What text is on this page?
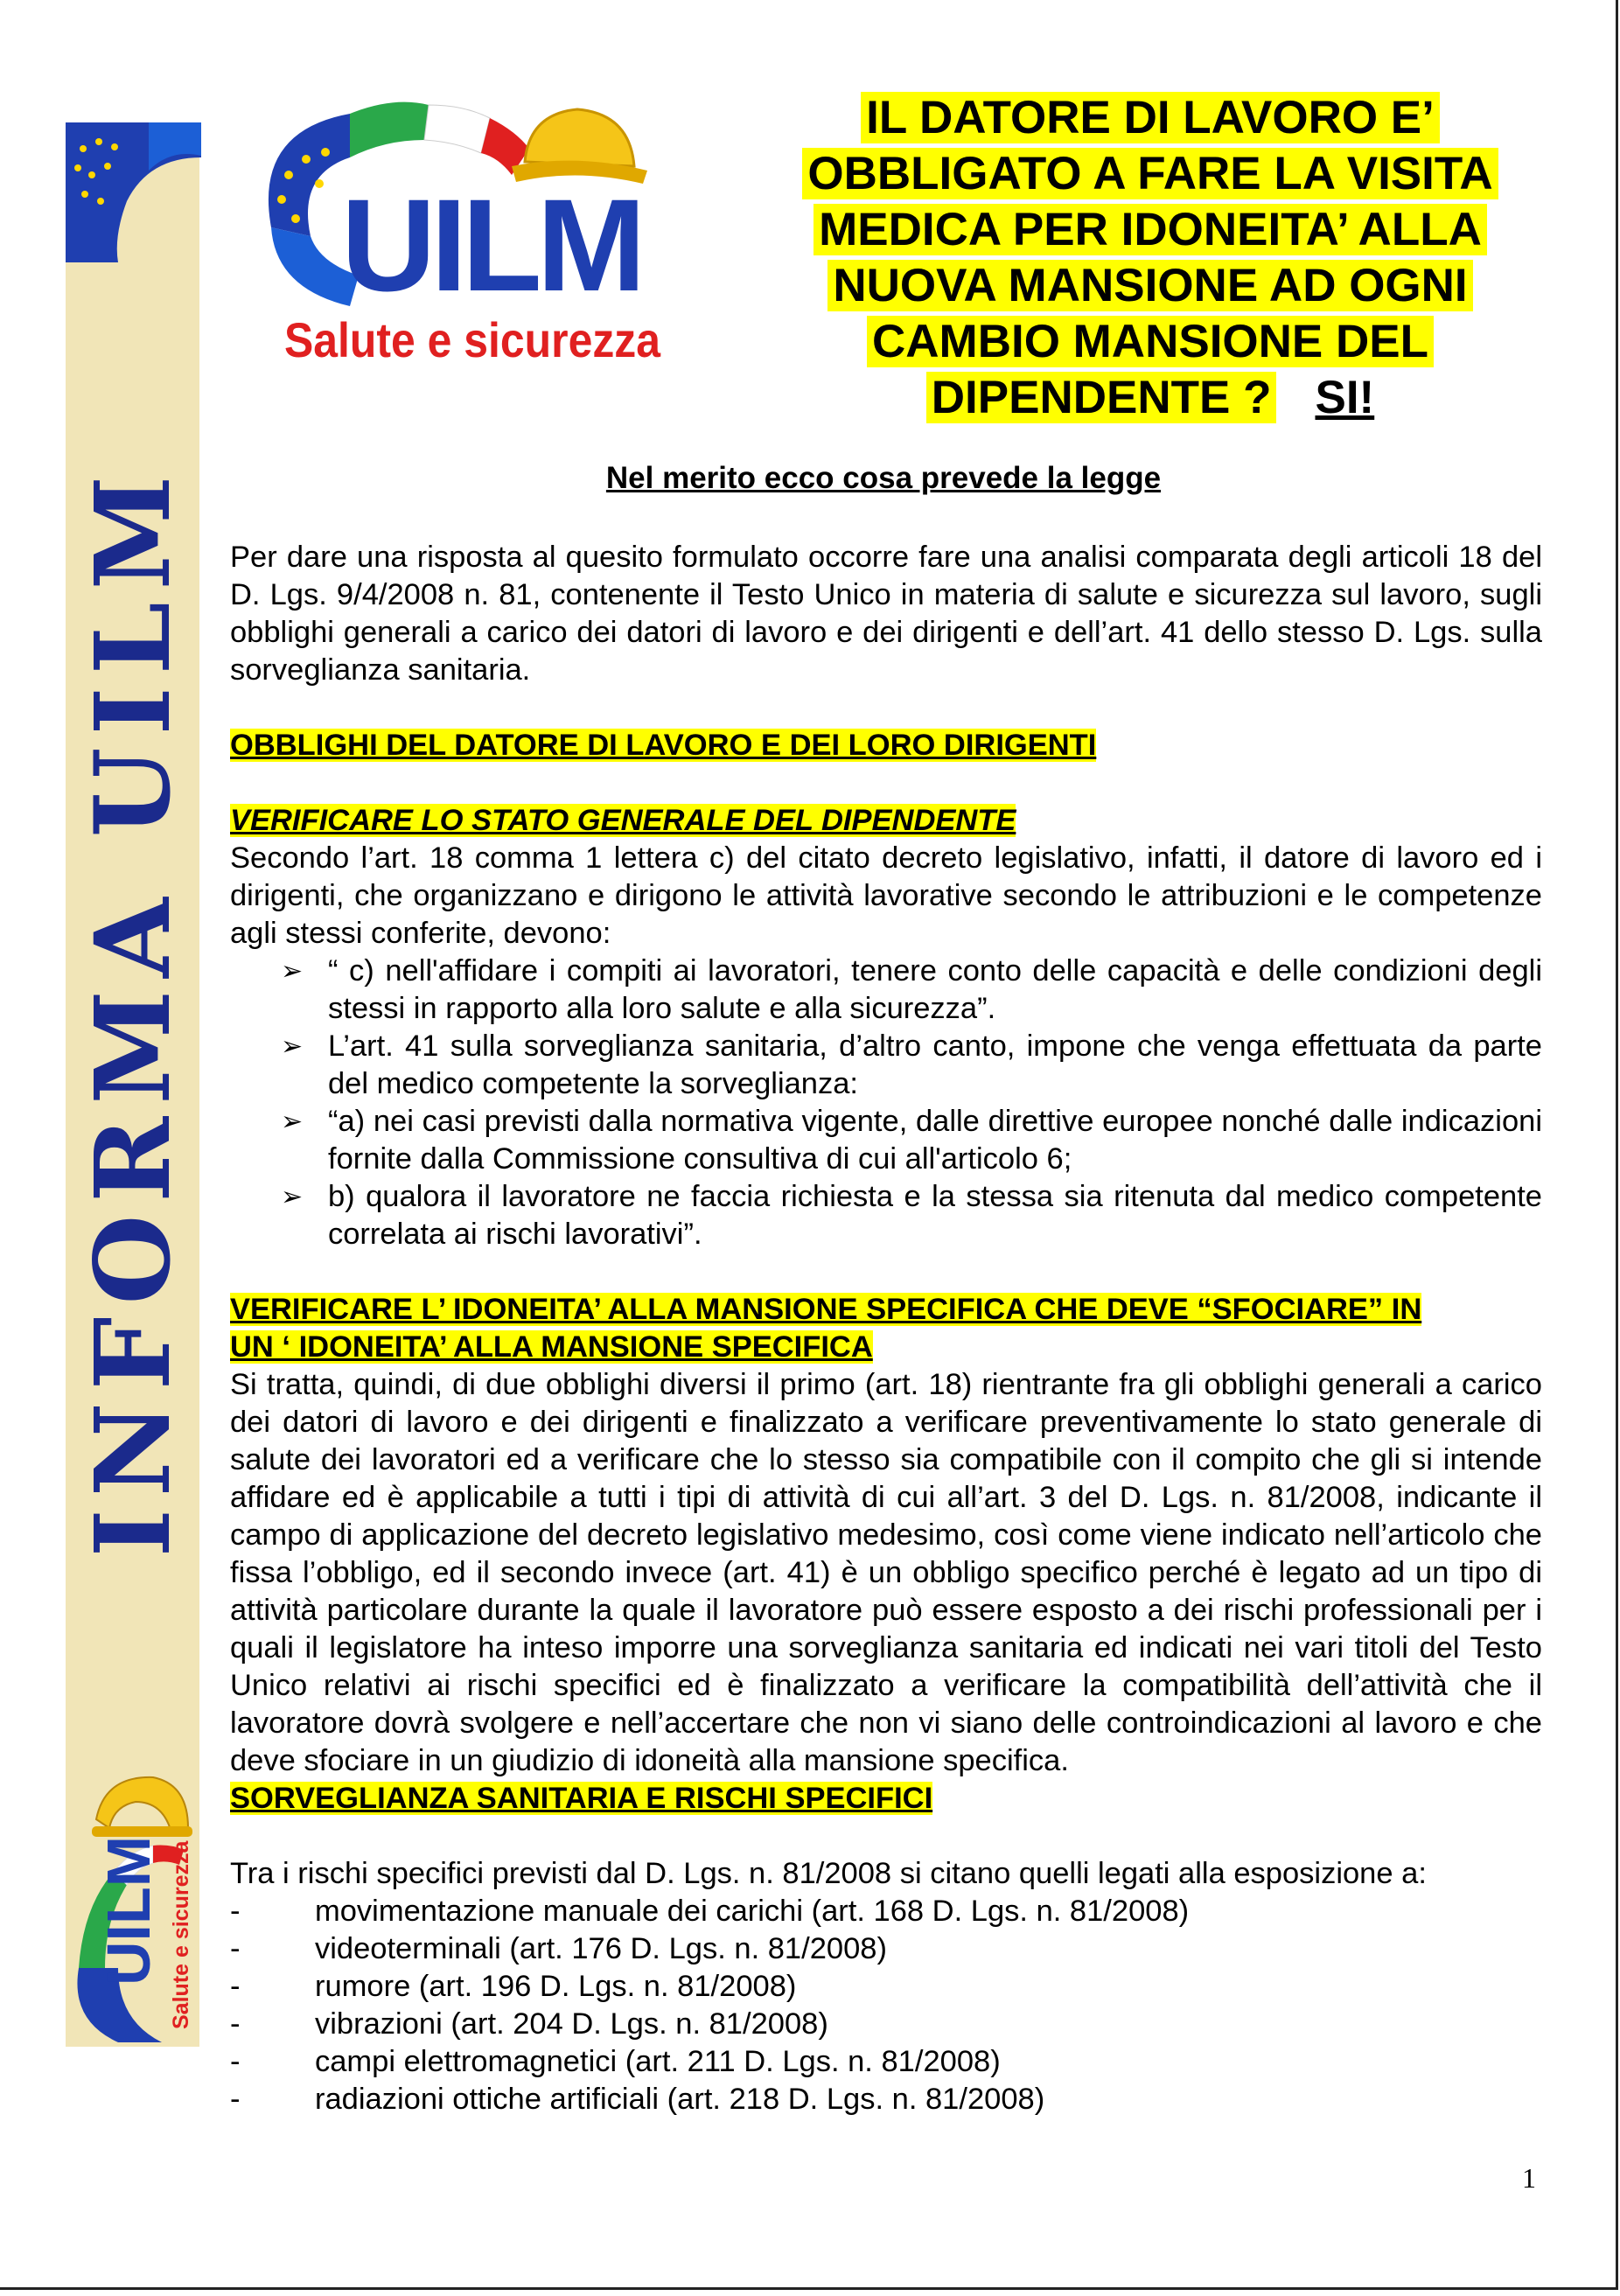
INFORMA UILM
UILM Salute e sicurezza
UILM
Salute e sicurezza
IL DATORE DI LAVORO E’
OBBLIGATO A FARE LA VISITA
MEDICA PER IDONEITA’ ALLA
NUOVA MANSIONE AD OGNI
CAMBIO MANSIONE DEL
DIPENDENTE ? SI!
Nel merito ecco cosa prevede la legge
Per dare una risposta al quesito formulato occorre fare una analisi comparata degli articoli 18 del D. Lgs. 9/4/2008 n. 81, contenente il Testo Unico in materia di salute e sicurezza sul lavoro, sugli obblighi generali a carico dei datori di lavoro e dei dirigenti e dell’art. 41 dello stesso D. Lgs. sulla sorveglianza sanitaria.
OBBLIGHI DEL DATORE DI LAVORO E DEI LORO DIRIGENTI
VERIFICARE LO STATO GENERALE DEL DIPENDENTE
Secondo l’art. 18 comma 1 lettera c) del citato decreto legislativo, infatti, il datore di lavoro ed i dirigenti, che organizzano e dirigono le attività lavorative secondo le attribuzioni e le competenze agli stessi conferite, devono:
➢ “ c) nell'affidare i compiti ai lavoratori, tenere conto delle capacità e delle condizioni degli stessi in rapporto alla loro salute e alla sicurezza”.
➢ L’art. 41 sulla sorveglianza sanitaria, d’altro canto, impone che venga effettuata da parte del medico competente la sorveglianza:
➢ “a) nei casi previsti dalla normativa vigente, dalle direttive europee nonché dalle indicazioni fornite dalla Commissione consultiva di cui all'articolo 6;
➢ b) qualora il lavoratore ne faccia richiesta e la stessa sia ritenuta dal medico competente correlata ai rischi lavorativi”.
VERIFICARE L’ IDONEITA’ ALLA MANSIONE SPECIFICA CHE DEVE “SFOCIARE” IN
UN ‘ IDONEITA’ ALLA MANSIONE SPECIFICA
Si tratta, quindi, di due obblighi diversi il primo (art. 18) rientrante fra gli obblighi generali a carico dei datori di lavoro e dei dirigenti e finalizzato a verificare preventivamente lo stato generale di salute dei lavoratori ed a verificare che lo stesso sia compatibile con il compito che gli si intende affidare ed è applicabile a tutti i tipi di attività di cui all’art. 3 del D. Lgs. n. 81/2008, indicante il campo di applicazione del decreto legislativo medesimo, così come viene indicato nell’articolo che fissa l’obbligo, ed il secondo invece (art. 41) è un obbligo specifico perché è legato ad un tipo di attività particolare durante la quale il lavoratore può essere esposto a dei rischi professionali per i quali il legislatore ha inteso imporre una sorveglianza sanitaria ed indicati nei vari titoli del Testo Unico relativi ai rischi specifici ed è finalizzato a verificare la compatibilità dell’attività che il lavoratore dovrà svolgere e nell’accertare che non vi siano delle controindicazioni al lavoro e che deve sfociare in un giudizio di idoneità alla mansione specifica.
SORVEGLIANZA SANITARIA E RISCHI SPECIFICI
Tra i rischi specifici previsti dal D. Lgs. n. 81/2008 si citano quelli legati alla esposizione a:
-	movimentazione manuale dei carichi (art. 168 D. Lgs. n. 81/2008)
-	videoterminali (art. 176 D. Lgs. n. 81/2008)
-	rumore (art. 196 D. Lgs. n. 81/2008)
-	vibrazioni (art. 204 D. Lgs. n. 81/2008)
-	campi elettromagnetici (art. 211 D. Lgs. n. 81/2008)
-	radiazioni ottiche artificiali (art. 218 D. Lgs. n. 81/2008)
1
